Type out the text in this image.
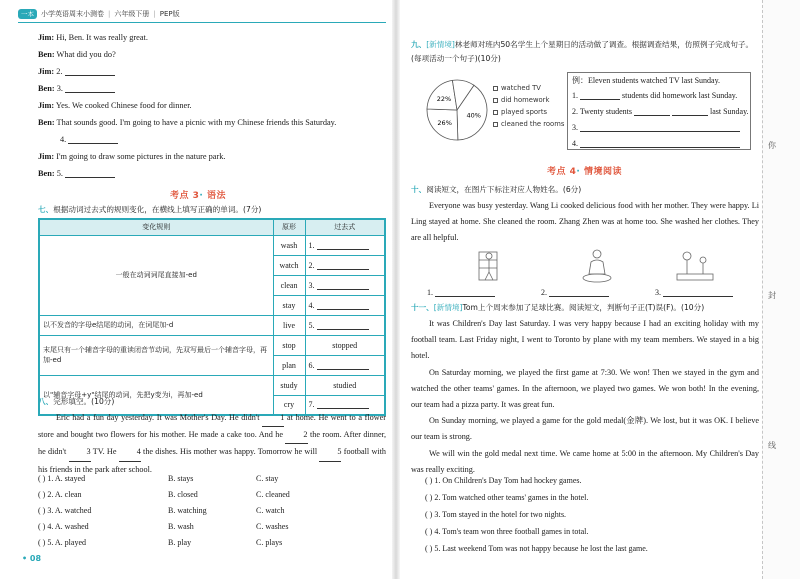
一本	小学英语周末小测卷 | 六年级下册 | PEP版
Jim: Hi, Ben. It was really great.
Ben: What did you do?
Jim: 2.
Ben: 3.
Jim: Yes. We cooked Chinese food for dinner.
Ben: That sounds good. I'm going to have a picnic with my Chinese friends this Saturday.
4.
Jim: I'm going to draw some pictures in the nature park.
Ben: 5.
考点 3· 语法
七、根据动词过去式的规则变化，在横线上填写正确的单词。(7分)
变化规则	原形	过去式
一般在动词词尾直接加-ed	wash	1.
	watch	2.
	clean	3.
	stay	4.
以不发音的字母e结尾的动词，在词尾加-d	live	5.
末尾只有一个辅音字母的重读闭音节动词，先双写最后一个辅音字母，再加-ed	stop	stopped
	plan	6.
以"辅音字母+y"结尾的动词，先把y变为i，再加-ed	study	studied
	cry	7.
八、完形填空。(10分)

Eric had a fun day yesterday. It was Mother's Day. He didn't	1 at home. He went to a flower store and bought two flowers for his mother. He made a cake too. And he 2 the room. After dinner, he didn't 3 TV. He 4 the dishes. His mother was happy. Tomorrow he will 5 football with his friends in the park after school.

( ) 1. A. stayed	B. stays	C. stay
( ) 2. A. clean	B. closed	C. cleaned
( ) 3. A. watched	B. watching	C. watch
( ) 4. A. washed	B. wash	C. washes
( ) 5. A. played	B. play	C. plays
• 08
九、[新情境]林老师对班内50名学生上个星期日的活动做了调查。根据调查结果，仿照例子完成句子。(每项活动一个句子)(10分)
40%
26%
22%
watched TV
did homework
played sports
cleaned the rooms
例：Eleven students watched TV last Sunday.
1.	students did homework last Sunday.
2. Twenty students	last Sunday.
3.
4.
考点 4· 情境阅读
十、阅读短文，在图片下标注对应人物姓名。(6分)

Everyone was busy yesterday. Wang Li cooked delicious food with her mother. They were happy. Li Ling stayed at home. She cleaned the room. Zhang Zhen was at home too. She washed her clothes. They are all helpful.

1.	2.	3.
十一、[新情境]Tom上个周末参加了足球比赛。阅读短文，判断句子正(T)误(F)。(10分)

It was Children's Day last Saturday. I was very happy because I had an exciting holiday with my football team. Last Friday night, I went to Toronto by plane with my team members. We stayed in a big hotel.

On Saturday morning, we played the first game at 7:30. We won! Then we stayed in the gym and watched the other teams' games. In the afternoon, we played two games. We won both! In the evening, our team had a pizza party. It was great fun.

On Sunday morning, we played a game for the gold medal(金牌). We lost, but it was OK. I believe our team is strong.

We will win the gold medal next time. We came home at 5:00 in the afternoon. My Children's Day was really exciting.

( ) 1. On Children's Day Tom had hockey games.
( ) 2. Tom watched other teams' games in the hotel.
( ) 3. Tom stayed in the hotel for two nights.
( ) 4. Tom's team won three football games in total.
( ) 5. Last weekend Tom was not happy because he lost the last game.
你
封
线
